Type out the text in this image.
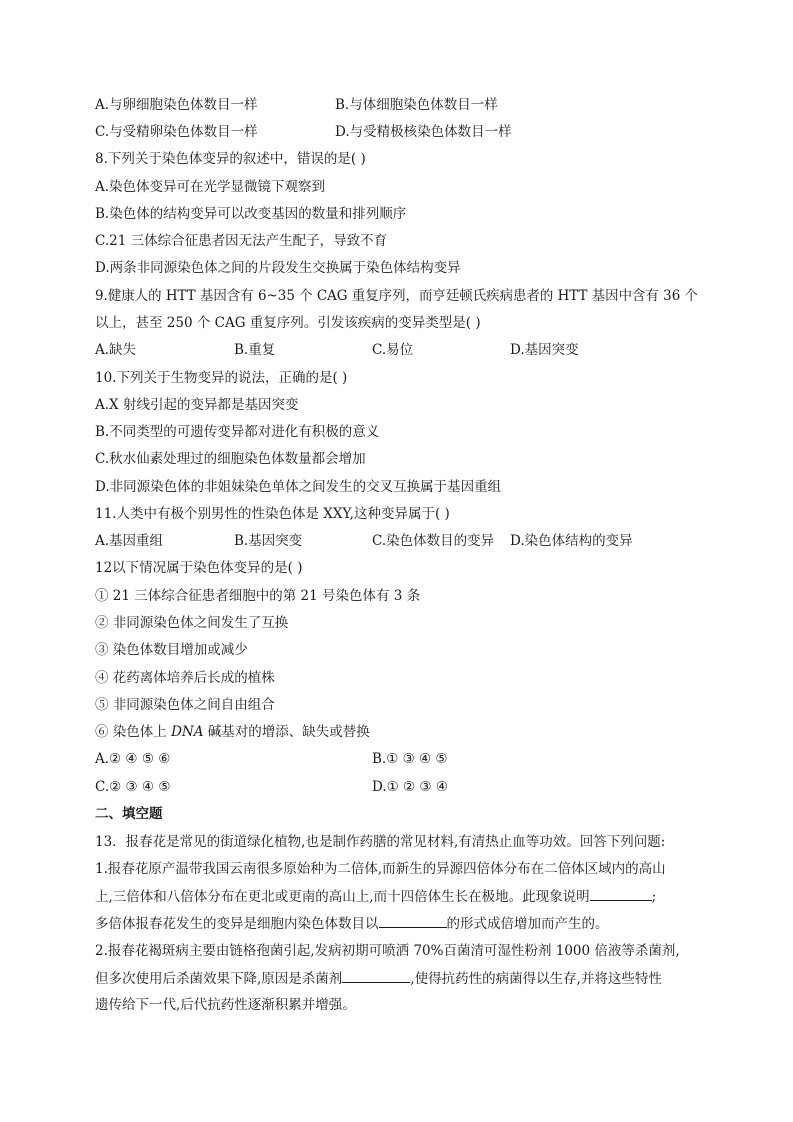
A.与卵细胞染色体数目一样	B.与体细胞染色体数目一样
C.与受精卵染色体数目一样	D.与受精极核染色体数目一样
8.下列关于染色体变异的叙述中，错误的是( )
A.染色体变异可在光学显微镜下观察到
B.染色体的结构变异可以改变基因的数量和排列顺序
C.21 三体综合征患者因无法产生配子，导致不育
D.两条非同源染色体之间的片段发生交换属于染色体结构变异
9.健康人的 HTT 基因含有 6~35 个 CAG 重复序列，而亨廷顿氏疾病患者的 HTT 基因中含有 36 个
以上，甚至 250 个 CAG 重复序列。引发该疾病的变异类型是( )
A.缺失	B.重复	C.易位	D.基因突变
10.下列关于生物变异的说法，正确的是( )
A.X 射线引起的变异都是基因突变
B.不同类型的可遗传变异都对进化有积极的意义
C.秋水仙素处理过的细胞染色体数量都会增加
D.非同源染色体的非姐妹染色单体之间发生的交叉互换属于基因重组
11.人类中有极个别男性的性染色体是 XXY,这种变异属于( )
A.基因重组	B.基因突变	C.染色体数目的变异 D.染色体结构的变异
12以下情况属于染色体变异的是( )
① 21 三体综合征患者细胞中的第 21 号染色体有 3 条
② 非同源染色体之间发生了互换
③ 染色体数目增加或减少
④ 花药离体培养后长成的植株
⑤ 非同源染色体之间自由组合
⑥ 染色体上 DNA 碱基对的增添、缺失或替换
A.② ④ ⑤ ⑥	B.① ③ ④ ⑤
C.② ③ ④ ⑤	D.① ② ③ ④
二、填空题
13．报春花是常见的街道绿化植物,也是制作药膳的常见材料,有清热止血等功效。回答下列问题:
1.报春花原产温带我国云南很多原始种为二倍体,而新生的异源四倍体分布在二倍体区域内的高山
上,三倍体和八倍体分布在更北或更南的高山上,而十四倍体生长在极地。此现象说明	;
多倍体报春花发生的变异是细胞内染色体数目以	的形式成倍增加而产生的。
2.报春花褐斑病主要由链格孢菌引起,发病初期可喷洒 70%百菌清可湿性粉剂 1000 倍液等杀菌剂,
但多次使用后杀菌效果下降,原因是杀菌剂	,使得抗药性的病菌得以生存,并将这些特性
遗传给下一代,后代抗药性逐渐积累并增强。
